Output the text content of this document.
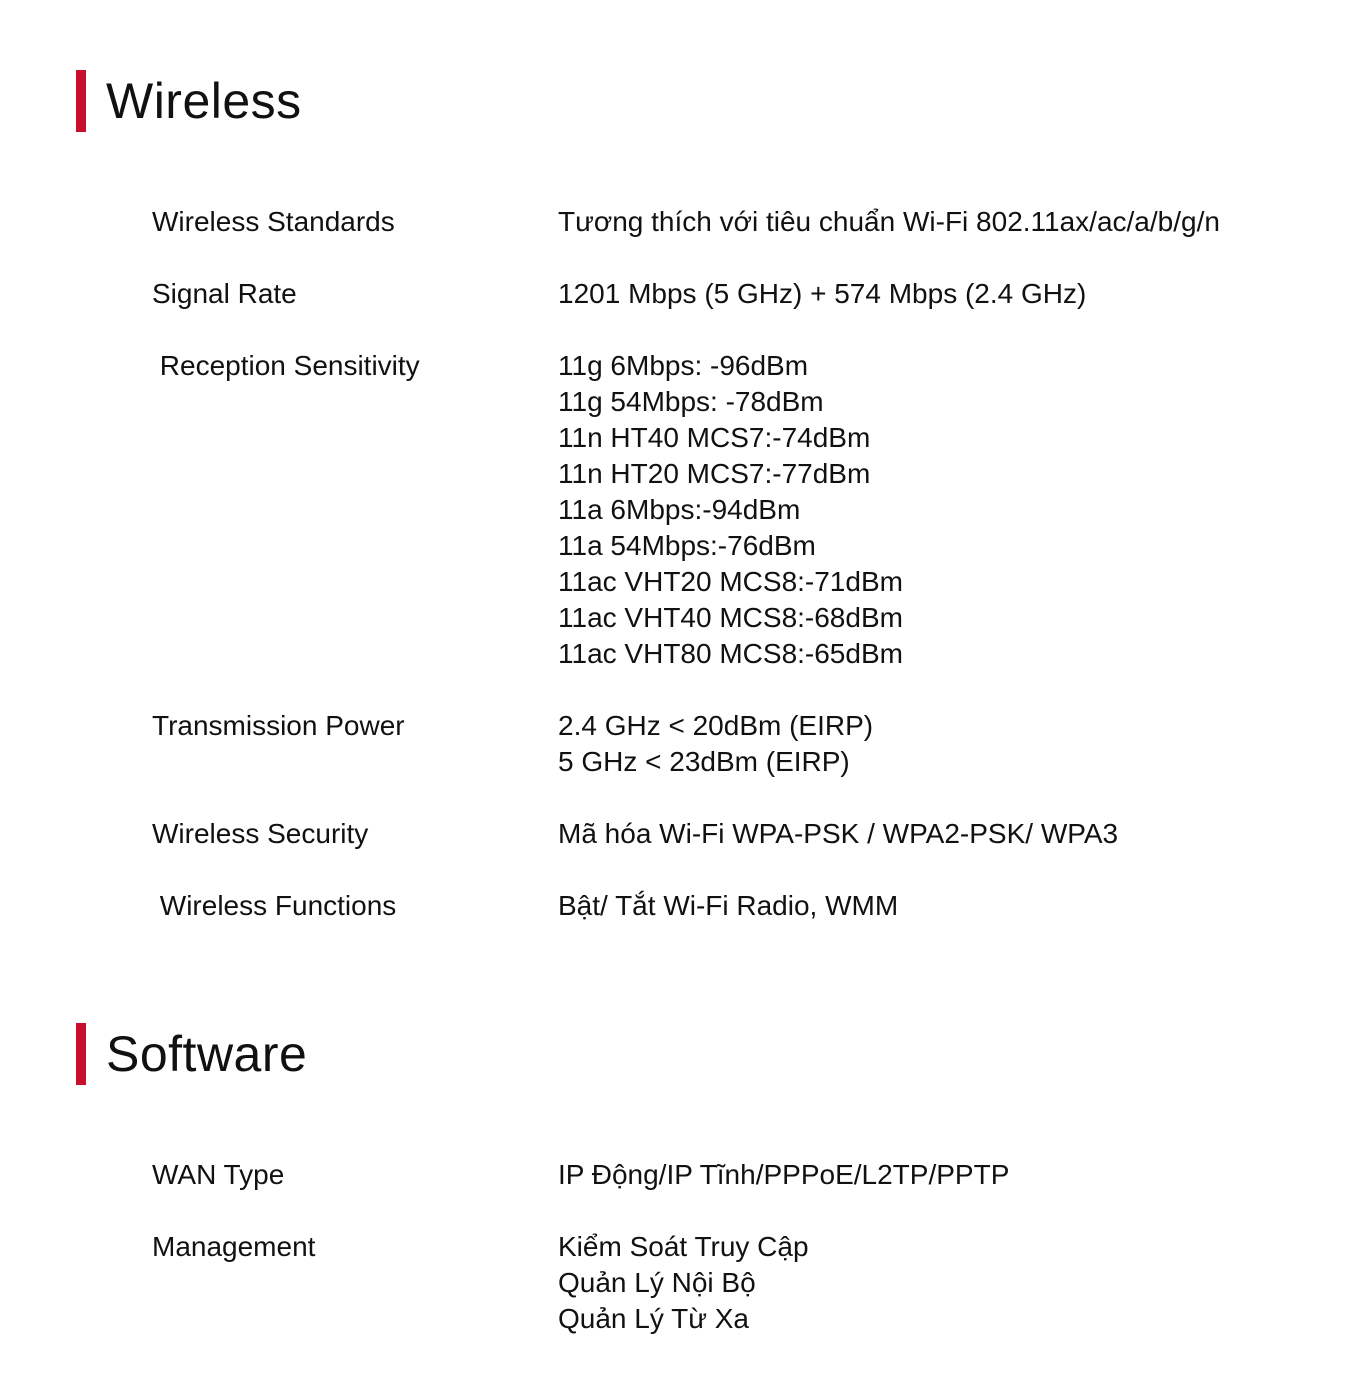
Wireless
Wireless Standards	Tương thích với tiêu chuẩn Wi-Fi 802.11ax/ac/a/b/g/n
Signal Rate	1201 Mbps (5 GHz) + 574 Mbps (2.4 GHz)
Reception Sensitivity	11g 6Mbps: -96dBm
11g 54Mbps: -78dBm
11n HT40 MCS7:-74dBm
11n HT20 MCS7:-77dBm
11a 6Mbps:-94dBm
11a 54Mbps:-76dBm
11ac VHT20 MCS8:-71dBm
11ac VHT40 MCS8:-68dBm
11ac VHT80 MCS8:-65dBm
Transmission Power	2.4 GHz < 20dBm (EIRP)
5 GHz < 23dBm (EIRP)
Wireless Security	Mã hóa Wi-Fi WPA-PSK / WPA2-PSK/ WPA3
Wireless Functions	Bật/ Tắt Wi-Fi Radio, WMM
Software
WAN Type	IP Động/IP Tĩnh/PPPoE/L2TP/PPTP
Management	Kiểm Soát Truy Cập
Quản Lý Nội Bộ
Quản Lý Từ Xa
